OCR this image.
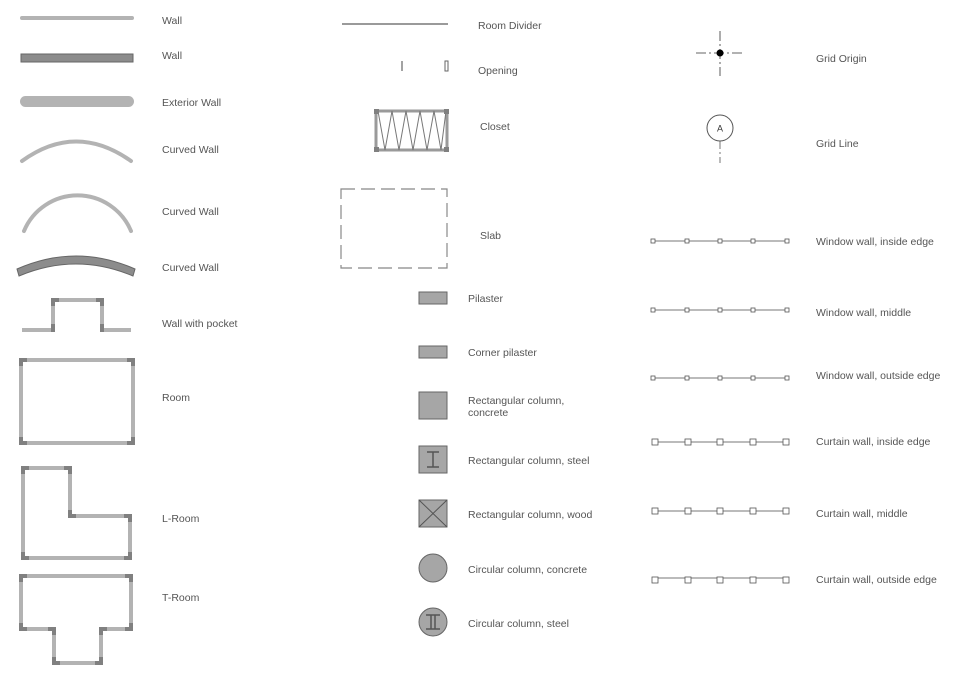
Wall
Wall
Exterior Wall
Curved Wall
Curved Wall
Curved Wall
Wall with pocket
Room
L-Room
T-Room
Room Divider
Opening
Closet
Slab
Pilaster
Corner pilaster
Rectangular column,
concrete
Rectangular column, steel
Rectangular column, wood
Circular column, concrete
Circular column, steel
Grid Origin
A
Grid Line
Window wall, inside edge
Window wall, middle
Window wall, outside edge
Curtain wall, inside edge
Curtain wall, middle
Curtain wall, outside edge
